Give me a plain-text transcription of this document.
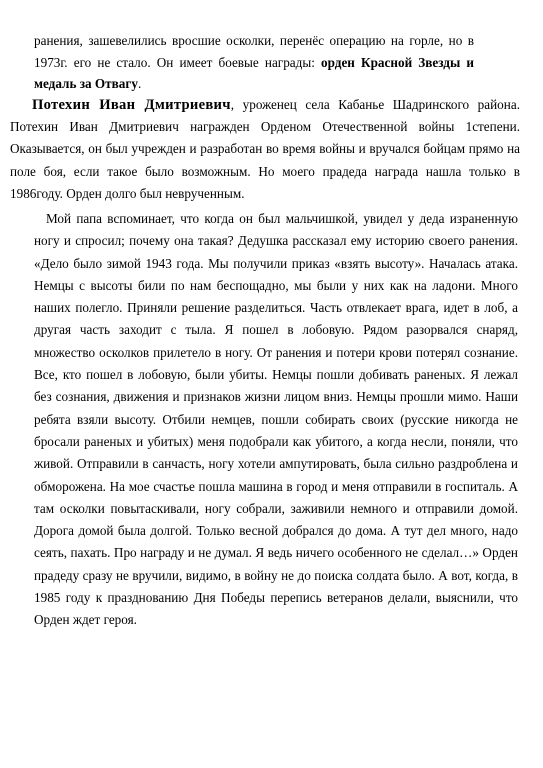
ранения, зашевелились вросшие осколки, перенёс операцию на горле, но в 1973г. его не стало. Он имеет боевые награды: орден Красной Звезды и медаль за Отвагу.

Потехин Иван Дмитриевич, уроженец села Кабанье Шадринского района. Потехин Иван Дмитриевич награжден Орденом Отечественной войны 1степени. Оказывается, он был учрежден и разработан во время войны и вручался бойцам прямо на поле боя, если такое было возможным. Но моего прадеда награда нашла только в 1986году. Орден долго был неврученным.

Мой папа вспоминает, что когда он был мальчишкой, увидел у деда израненную ногу и спросил; почему она такая? Дедушка рассказал ему историю своего ранения. «Дело было зимой 1943 года. Мы получили приказ «взять высоту». Началась атака. Немцы с высоты били по нам беспощадно, мы были у них как на ладони. Много наших полегло. Приняли решение разделиться. Часть отвлекает врага, идет в лоб, а другая часть заходит с тыла. Я пошел в лобовую. Рядом разорвался снаряд, множество осколков прилетело в ногу. От ранения и потери крови потерял сознание. Все, кто пошел в лобовую, были убиты. Немцы пошли добивать раненых. Я лежал без сознания, движения и признаков жизни лицом вниз. Немцы прошли мимо. Наши ребята взяли высоту. Отбили немцев, пошли собирать своих (русские никогда не бросали раненых и убитых) меня подобрали как убитого, а когда несли, поняли, что живой. Отправили в санчасть, ногу хотели ампутировать, была сильно раздроблена и обморожена. На мое счастье пошла машина в город и меня отправили в госпиталь. А там осколки повытаскивали, ногу собрали, заживили немного и отправили домой. Дорога домой была долгой. Только весной добрался до дома. А тут дел много, надо сеять, пахать. Про награду и не думал. Я ведь ничего особенного не сделал…» Орден прадеду сразу не вручили, видимо, в войну не до поиска солдата было. А вот, когда, в 1985 году к празднованию Дня Победы перепись ветеранов делали, выяснили, что Орден ждет героя.
